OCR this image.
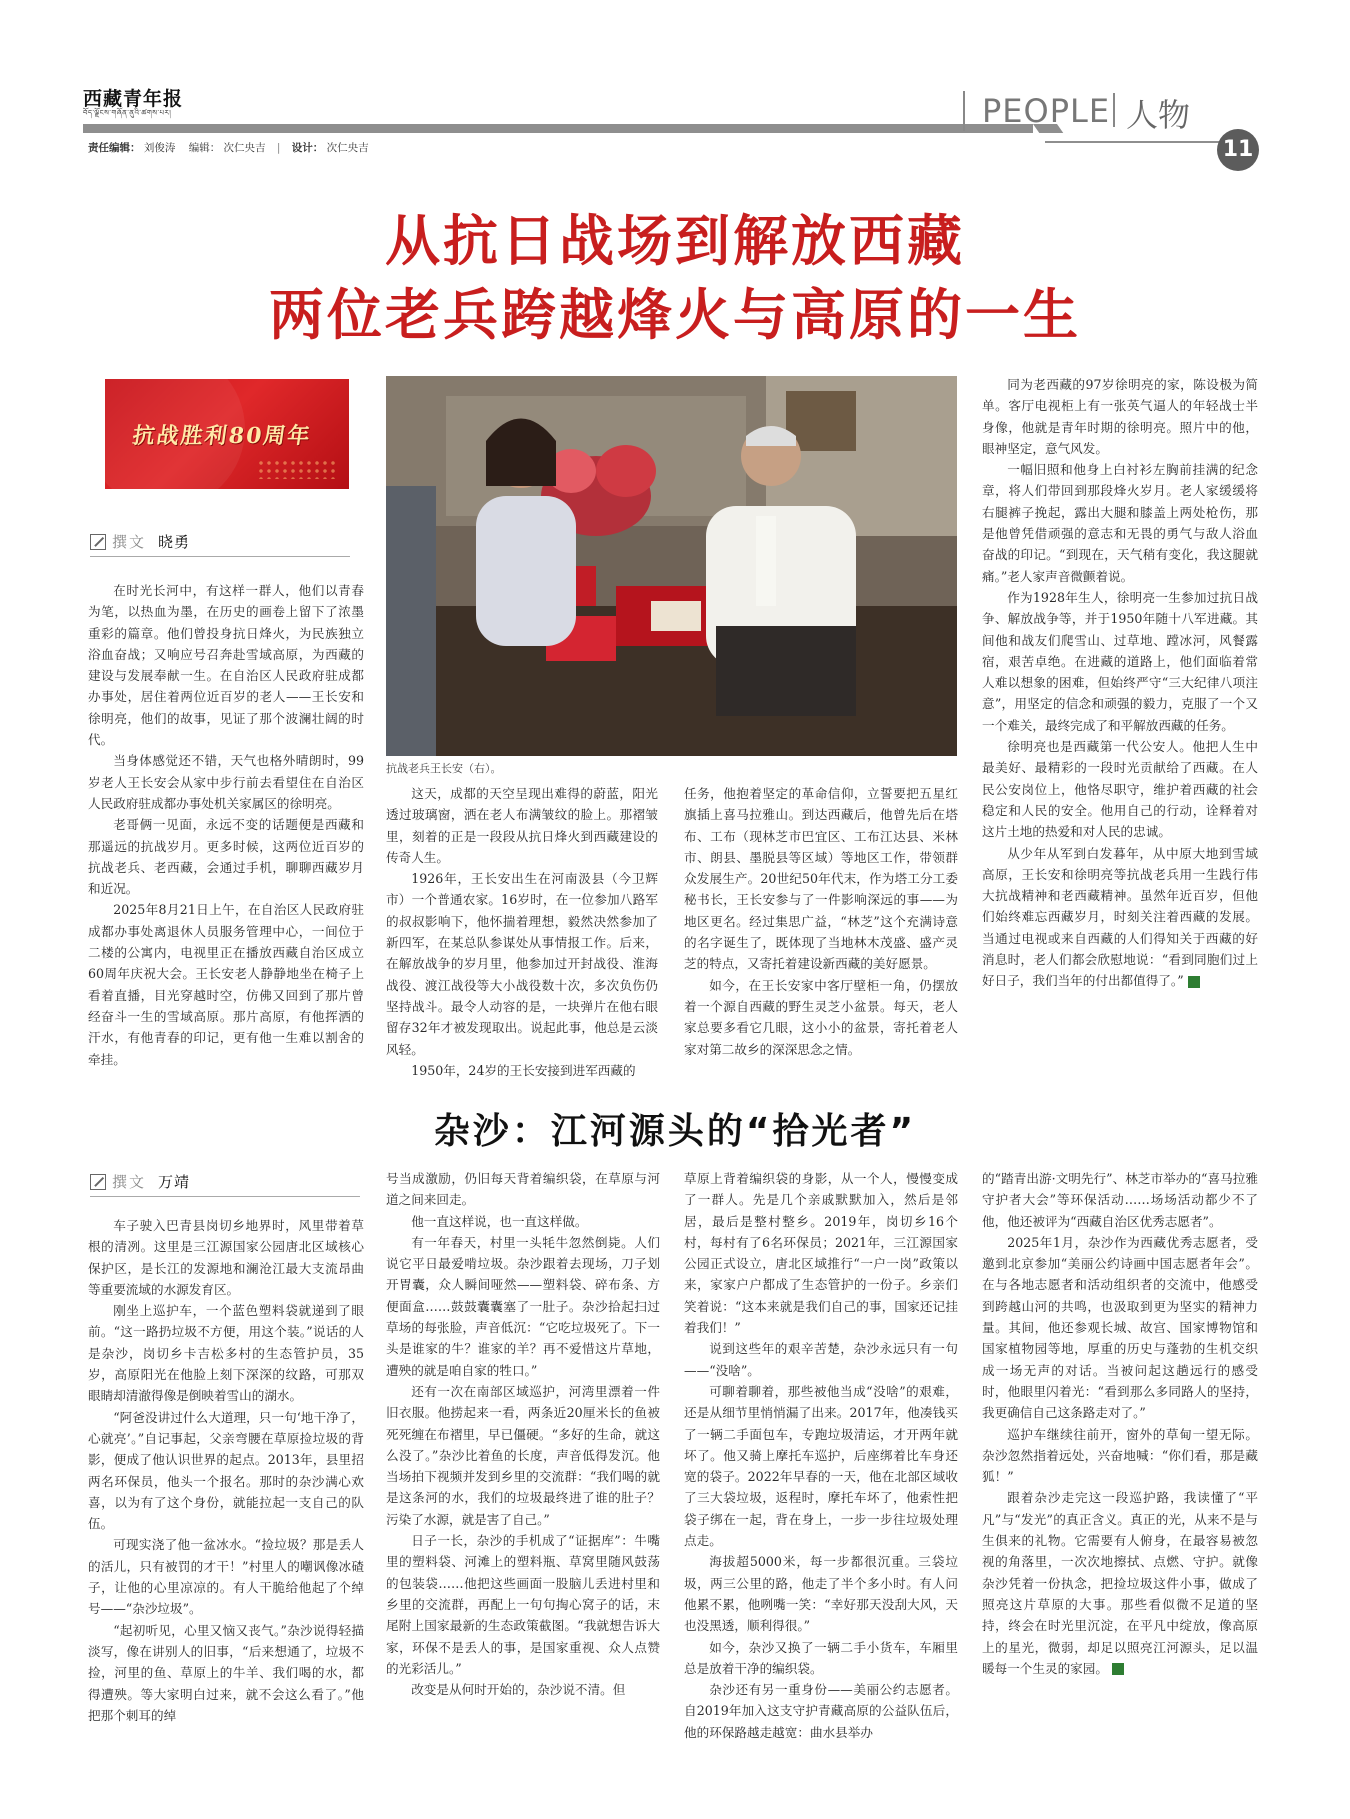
西藏青年报
བོད་ལྗོངས་གཞོན་ནུའི་ཚགས་པར།
责任编辑： 刘俊涛 编辑： 次仁央吉 | 设计： 次仁央吉
PEOPLE 人物
11
从抗日战场到解放西藏
两位老兵跨越烽火与高原的一生
抗战胜利80周年
撰文 晓勇

在时光长河中，有这样一群人，他们以青春为笔，以热血为墨，在历史的画卷上留下了浓墨重彩的篇章。他们曾投身抗日烽火，为民族独立浴血奋战；又响应号召奔赴雪域高原，为西藏的建设与发展奉献一生。在自治区人民政府驻成都办事处，居住着两位近百岁的老人——王长安和徐明亮，他们的故事，见证了那个波澜壮阔的时代。

当身体感觉还不错，天气也格外晴朗时，99岁老人王长安会从家中步行前去看望住在自治区人民政府驻成都办事处机关家属区的徐明亮。

老哥俩一见面，永远不变的话题便是西藏和那遥远的抗战岁月。更多时候，这两位近百岁的抗战老兵、老西藏，会通过手机，聊聊西藏岁月和近况。

2025年8月21日上午，在自治区人民政府驻成都办事处离退休人员服务管理中心，一间位于二楼的公寓内，电视里正在播放西藏自治区成立60周年庆祝大会。王长安老人静静地坐在椅子上看着直播，目光穿越时空，仿佛又回到了那片曾经奋斗一生的雪域高原。那片高原，有他挥洒的汗水，有他青春的印记，更有他一生难以割舍的牵挂。

抗战老兵王长安（右）。

这天，成都的天空呈现出难得的蔚蓝，阳光透过玻璃窗，洒在老人布满皱纹的脸上。那褶皱里，刻着的正是一段段从抗日烽火到西藏建设的传奇人生。

1926年，王长安出生在河南汲县（今卫辉市）一个普通农家。16岁时，在一位参加八路军的叔叔影响下，他怀揣着理想，毅然决然参加了新四军，在某总队参谋处从事情报工作。后来，在解放战争的岁月里，他参加过开封战役、淮海战役、渡江战役等大小战役数十次，多次负伤仍坚持战斗。最令人动容的是，一块弹片在他右眼留存32年才被发现取出。说起此事，他总是云淡风轻。

1950年，24岁的王长安接到进军西藏的

任务，他抱着坚定的革命信仰，立誓要把五星红旗插上喜马拉雅山。到达西藏后，他曾先后在塔布、工布（现林芝市巴宜区、工布江达县、米林市、朗县、墨脱县等区域）等地区工作，带领群众发展生产。20世纪50年代末，作为塔工分工委秘书长，王长安参与了一件影响深远的事——为地区更名。经过集思广益，“林芝”这个充满诗意的名字诞生了，既体现了当地林木茂盛、盛产灵芝的特点，又寄托着建设新西藏的美好愿景。

如今，在王长安家中客厅壁柜一角，仍摆放着一个源自西藏的野生灵芝小盆景。每天，老人家总要多看它几眼，这小小的盆景，寄托着老人家对第二故乡的深深思念之情。

同为老西藏的97岁徐明亮的家，陈设极为简单。客厅电视柜上有一张英气逼人的年轻战士半身像，他就是青年时期的徐明亮。照片中的他，眼神坚定，意气风发。

一幅旧照和他身上白衬衫左胸前挂满的纪念章，将人们带回到那段烽火岁月。老人家缓缓将右腿裤子挽起，露出大腿和膝盖上两处枪伤，那是他曾凭借顽强的意志和无畏的勇气与敌人浴血奋战的印记。“到现在，天气稍有变化，我这腿就痛。”老人家声音微颤着说。

作为1928年生人，徐明亮一生参加过抗日战争、解放战争等，并于1950年随十八军进藏。其间他和战友们爬雪山、过草地、蹚冰河，风餐露宿，艰苦卓绝。在进藏的道路上，他们面临着常人难以想象的困难，但始终严守“三大纪律八项注意”，用坚定的信念和顽强的毅力，克服了一个又一个难关，最终完成了和平解放西藏的任务。

徐明亮也是西藏第一代公安人。他把人生中最美好、最精彩的一段时光贡献给了西藏。在人民公安岗位上，他恪尽职守，维护着西藏的社会稳定和人民的安全。他用自己的行动，诠释着对这片土地的热爱和对人民的忠诚。

从少年从军到白发暮年，从中原大地到雪域高原，王长安和徐明亮等抗战老兵用一生践行伟大抗战精神和老西藏精神。虽然年近百岁，但他们始终难忘西藏岁月，时刻关注着西藏的发展。当通过电视或来自西藏的人们得知关于西藏的好消息时，老人们都会欣慰地说：“看到同胞们过上好日子，我们当年的付出都值得了。”	青

杂沙：江河源头的“拾光者”
撰文 万靖

车子驶入巴青县岗切乡地界时，风里带着草根的清冽。这里是三江源国家公园唐北区域核心保护区，是长江的发源地和澜沧江最大支流昂曲等重要流域的水源发育区。

刚坐上巡护车，一个蓝色塑料袋就递到了眼前。“这一路扔垃圾不方便，用这个装。”说话的人是杂沙，岗切乡卡吉松多村的生态管护员，35岁，高原阳光在他脸上刻下深深的纹路，可那双眼睛却清澈得像是倒映着雪山的湖水。

“阿爸没讲过什么大道理，只一句‘地干净了，心就亮’。”自记事起，父亲弯腰在草原捡垃圾的背影，便成了他认识世界的起点。2013年，县里招两名环保员，他头一个报名。那时的杂沙满心欢喜，以为有了这个身份，就能拉起一支自己的队伍。

可现实浇了他一盆冰水。“捡垃圾？那是丢人的活儿，只有被罚的才干！”村里人的嘲讽像冰碴子，让他的心里凉凉的。有人干脆给他起了个绰号——“杂沙垃圾”。

“起初听见，心里又恼又丧气。”杂沙说得轻描淡写，像在讲别人的旧事，“后来想通了，垃圾不捡，河里的鱼、草原上的牛羊、我们喝的水，都得遭殃。等大家明白过来，就不会这么看了。”他把那个刺耳的绰

号当成激励，仍旧每天背着编织袋，在草原与河道之间来回走。

他一直这样说，也一直这样做。

有一年春天，村里一头牦牛忽然倒毙。人们说它平日最爱啃垃圾。杂沙跟着去现场，刀子划开胃囊，众人瞬间哑然——塑料袋、碎布条、方便面盒……鼓鼓囊囊塞了一肚子。杂沙拾起扫过草场的每张脸，声音低沉：“它吃垃圾死了。下一头是谁家的牛？谁家的羊？再不爱惜这片草地，遭殃的就是咱自家的牲口。”

还有一次在南部区域巡护，河湾里漂着一件旧衣服。他捞起来一看，两条近20厘米长的鱼被死死缠在布褶里，早已僵硬。“多好的生命，就这么没了。”杂沙比着鱼的长度，声音低得发沉。他当场拍下视频并发到乡里的交流群：“我们喝的就是这条河的水，我们的垃圾最终进了谁的肚子？污染了水源，就是害了自己。”

日子一长，杂沙的手机成了“证据库”：牛嘴里的塑料袋、河滩上的塑料瓶、草窝里随风鼓荡的包装袋……他把这些画面一股脑儿丢进村里和乡里的交流群，再配上一句句掏心窝子的话，末尾附上国家最新的生态政策截图。“我就想告诉大家，环保不是丢人的事，是国家重视、众人点赞的光彩活儿。”

改变是从何时开始的，杂沙说不清。但

草原上背着编织袋的身影，从一个人，慢慢变成了一群人。先是几个亲戚默默加入，然后是邻居，最后是整村整乡。2019年，岗切乡16个村，每村有了6名环保员；2021年，三江源国家公园正式设立，唐北区域推行“一户一岗”政策以来，家家户户都成了生态管护的一份子。乡亲们笑着说：“这本来就是我们自己的事，国家还记挂着我们！”

说到这些年的艰辛苦楚，杂沙永远只有一句——“没啥”。

可聊着聊着，那些被他当成“没啥”的艰难，还是从细节里悄悄漏了出来。2017年，他凑钱买了一辆二手面包车，专跑垃圾清运，才开两年就坏了。他又骑上摩托车巡护，后座绑着比车身还宽的袋子。2022年早春的一天，他在北部区域收了三大袋垃圾，返程时，摩托车坏了，他索性把袋子绑在一起，背在身上，一步一步往垃圾处理点走。

海拔超5000米，每一步都很沉重。三袋垃圾，两三公里的路，他走了半个多小时。有人问他累不累，他咧嘴一笑：“幸好那天没刮大风，天也没黑透，顺利得很。”

如今，杂沙又换了一辆二手小货车，车厢里总是放着干净的编织袋。

杂沙还有另一重身份——美丽公约志愿者。自2019年加入这支守护青藏高原的公益队伍后，他的环保路越走越宽：曲水县举办

的“踏青出游·文明先行”、林芝市举办的“喜马拉雅守护者大会”等环保活动……场场活动都少不了他，他还被评为“西藏自治区优秀志愿者”。

2025年1月，杂沙作为西藏优秀志愿者，受邀到北京参加“美丽公约诗画中国志愿者年会”。在与各地志愿者和活动组织者的交流中，他感受到跨越山河的共鸣，也汲取到更为坚实的精神力量。其间，他还参观长城、故宫、国家博物馆和国家植物园等地，厚重的历史与蓬勃的生机交织成一场无声的对话。当被问起这趟远行的感受时，他眼里闪着光：“看到那么多同路人的坚持，我更确信自己这条路走对了。”

巡护车继续往前开，窗外的草甸一望无际。杂沙忽然指着远处，兴奋地喊：“你们看，那是藏狐！”

跟着杂沙走完这一段巡护路，我读懂了“平凡”与“发光”的真正含义。真正的光，从来不是与生俱来的礼物。它需要有人俯身，在最容易被忽视的角落里，一次次地擦拭、点燃、守护。就像杂沙凭着一份执念，把捡垃圾这件小事，做成了照亮这片草原的大事。那些看似微不足道的坚持，终会在时光里沉淀，在平凡中绽放，像高原上的星光，微弱，却足以照亮江河源头，足以温暖每一个生灵的家园。	青
